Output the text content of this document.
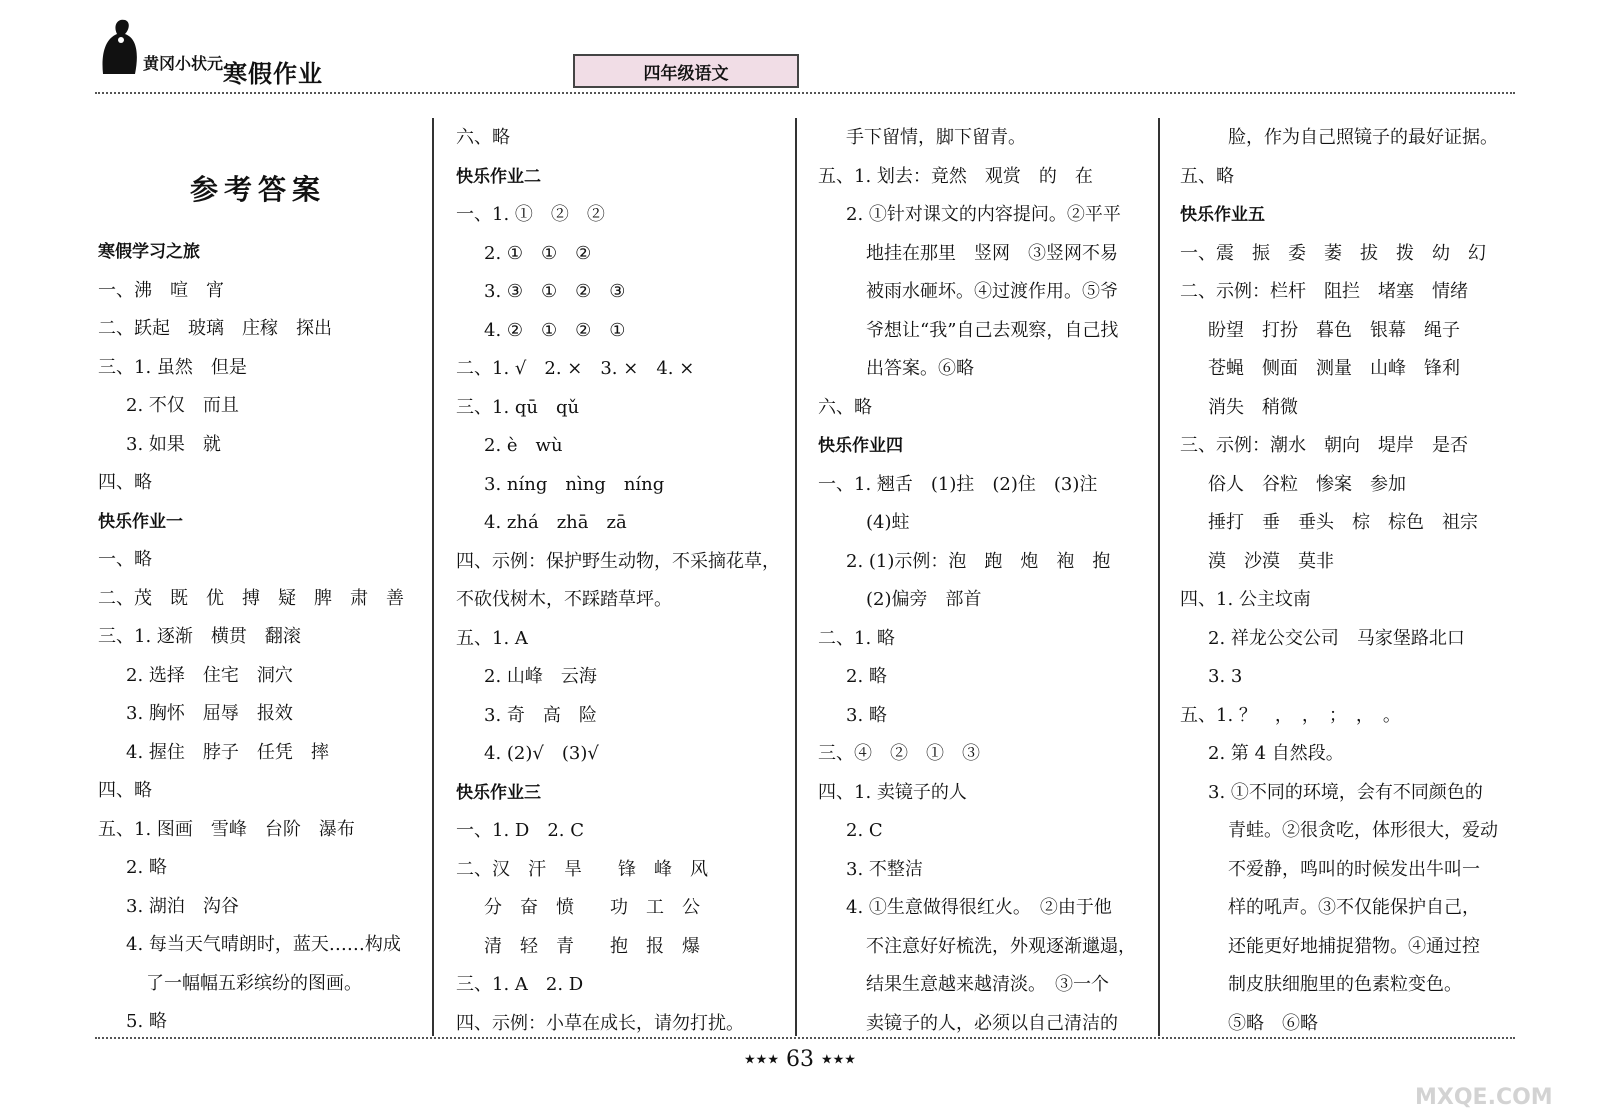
黄冈小状元 寒假作业	四年级语文
参考答案
寒假学习之旅
一、沸　喧　宵
二、跃起　玻璃　庄稼　探出
三、1. 虽然　但是
2. 不仅　而且
3. 如果　就
四、略
快乐作业一
一、略
二、茂　既　优　搏　疑　脾　肃　善
三、1. 逐渐　横贯　翻滚
2. 选择　住宅　洞穴
3. 胸怀　屈辱　报效
4. 握住　脖子　任凭　摔
四、略
五、1. 图画　雪峰　台阶　瀑布
2. 略
3. 湖泊　沟谷
4. 每当天气晴朗时，蓝天……构成
了一幅幅五彩缤纷的图画。
5. 略
六、略
快乐作业二
一、1. ①　②　②
2. ①　①　②
3. ③　①　②　③
4. ②　①　②　①
二、1. √　2. ×　3. ×　4. ×
三、1. qū　qǔ
2. è　wù
3. níng　nìng　níng
4. zhá　zhā　zā
四、示例：保护野生动物，不采摘花草，
不砍伐树木，不踩踏草坪。
五、1. A
2. 山峰　云海
3. 奇　高　险
4. (2)√　(3)√
快乐作业三
一、1. D　2. C
二、汉　汗　旱　　锋　峰　风
分　奋　愤　　功　工　公
清　轻　青　　抱　报　爆
三、1. A　2. D
四、示例：小草在成长，请勿打扰。
手下留情，脚下留青。
五、1. 划去：竟然　观赏　的　在
2. ①针对课文的内容提问。②平平
地挂在那里　竖网　③竖网不易
被雨水砸坏。④过渡作用。⑤爷
爷想让“我”自己去观察，自己找
出答案。⑥略
六、略
快乐作业四
一、1. 翘舌　(1)拄　(2)住　(3)注
(4)蛀
2. (1)示例：泡　跑　炮　袍　抱
(2)偏旁　部首
二、1. 略
2. 略
3. 略
三、④　②　①　③
四、1. 卖镜子的人
2. C
3. 不整洁
4. ①生意做得很红火。　②由于他
不注意好好梳洗，外观逐渐邋遢，
结果生意越来越清淡。　③一个
卖镜子的人，必须以自己清洁的
脸，作为自己照镜子的最好证据。
五、略
快乐作业五
一、震　振　委　萎　拔　拨　幼　幻
二、示例：栏杆　阻拦　堵塞　情绪
盼望　打扮　暮色　银幕　绳子
苍蝇　侧面　测量　山峰　锋利
消失　稍微
三、示例：潮水　朝向　堤岸　是否
俗人　谷粒　惨案　参加
捶打　垂　垂头　棕　棕色　祖宗
漠　沙漠　莫非
四、1. 公主坟南
2. 祥龙公交公司　马家堡路北口
3. 3
五、1. ？　，　，　；　，　。
2. 第 4 自然段。
3. ①不同的环境，会有不同颜色的
青蛙。②很贪吃，体形很大，爱动
不爱静，鸣叫的时候发出牛叫一
样的吼声。③不仅能保护自己，
还能更好地捕捉猎物。④通过控
制皮肤细胞里的色素粒变色。
⑤略　⑥略
★★★ 63 ★★★
MXQE.COM
